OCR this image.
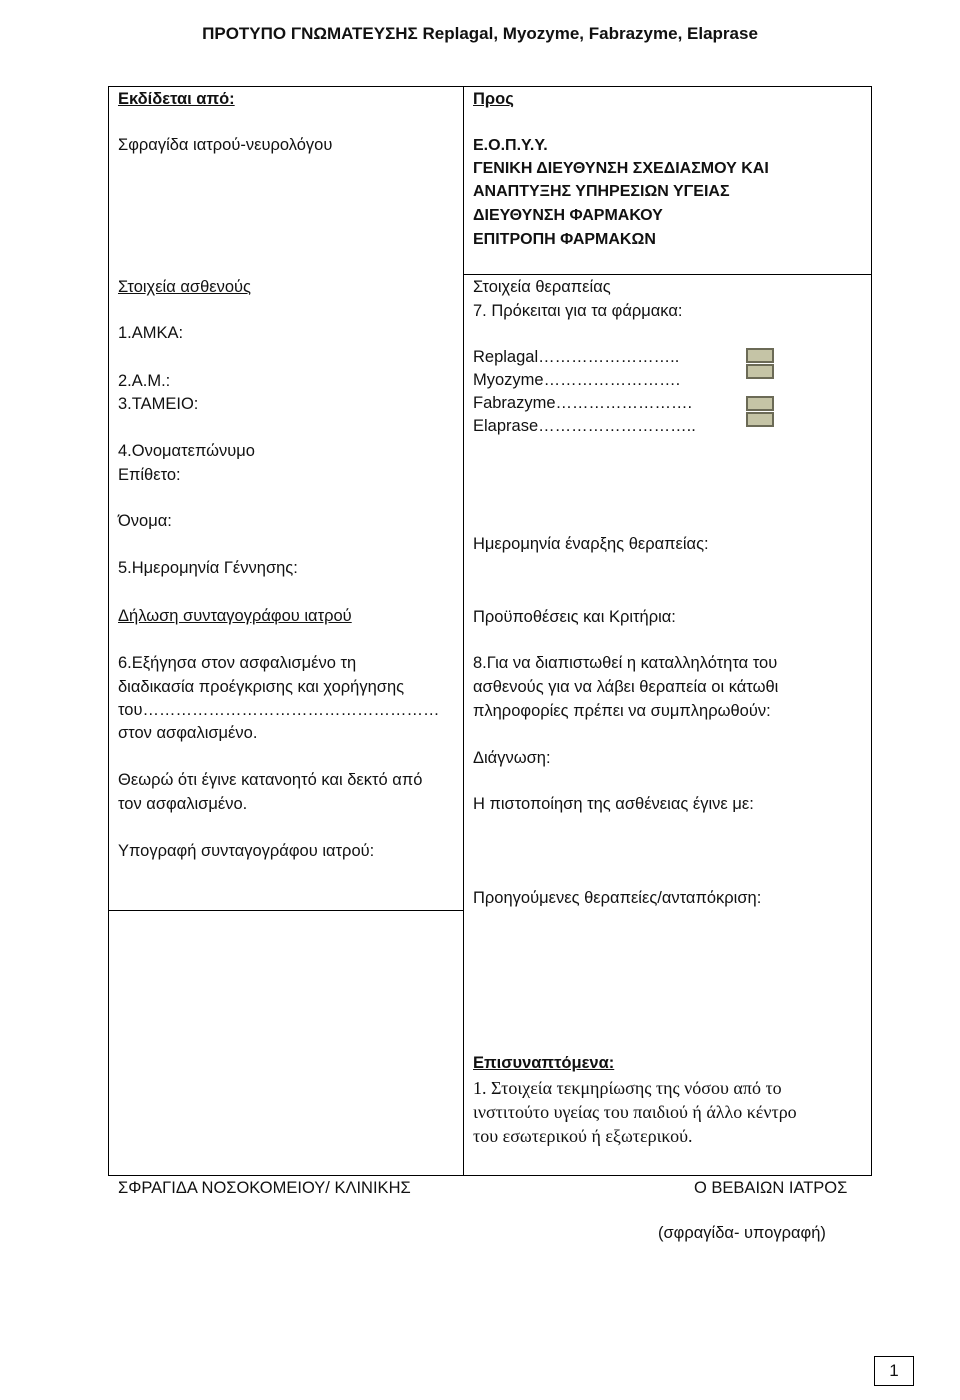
ΠΡΟΤΥΠΟ ΓΝΩΜΑΤΕΥΣΗΣ Replagal, Myozyme, Fabrazyme, Elaprase
Εκδίδεται από:
Σφραγίδα ιατρού-νευρολόγου
Στοιχεία ασθενούς
1.ΑΜΚΑ:
2.Α.Μ.:
3.ΤΑΜΕΙΟ:
4.Ονοματεπώνυμο
Επίθετο:
Όνομα:
5.Ημερομηνία Γέννησης:
Δήλωση συνταγογράφου ιατρού
6.Εξήγησα στον ασφαλισμένο τη
διαδικασία προέγκρισης και χορήγησης
του………………………………………………
στον ασφαλισμένο.
Θεωρώ ότι έγινε κατανοητό και δεκτό από
τον ασφαλισμένο.
Υπογραφή συνταγογράφου ιατρού:
Προς
Ε.Ο.Π.Υ.Υ.
ΓΕΝΙΚΗ ΔΙΕΥΘΥΝΣΗ ΣΧΕΔΙΑΣΜΟΥ ΚΑΙ
ΑΝΑΠΤΥΞΗΣ ΥΠΗΡΕΣΙΩΝ ΥΓΕΙΑΣ
ΔΙΕΥΘΥΝΣΗ ΦΑΡΜΑΚΟΥ
ΕΠΙΤΡΟΠΗ ΦΑΡΜΑΚΩΝ
Στοιχεία θεραπείας
7. Πρόκειται για τα φάρμακα:
Replagal……………………..
Myozyme…………………….
Fabrazyme…………………….
Elaprase………………………..
Ημερομηνία έναρξης θεραπείας:
Προϋποθέσεις και Κριτήρια:
8.Για να διαπιστωθεί η καταλληλότητα του
ασθενούς για να λάβει θεραπεία οι κάτωθι
πληροφορίες πρέπει να συμπληρωθούν:
Διάγνωση:
Η πιστοποίηση της ασθένειας έγινε με:
Προηγούμενες θεραπείες/ανταπόκριση:
Επισυναπτόμενα:
1. Στοιχεία τεκμηρίωσης της νόσου από το
ινστιτούτο υγείας του παιδιού ή άλλο κέντρο
του εσωτερικού ή εξωτερικού.
ΣΦΡΑΓΙΔΑ ΝΟΣΟΚΟΜΕΙΟΥ/ ΚΛΙΝΙΚΗΣ	Ο ΒΕΒΑΙΩΝ ΙΑΤΡΟΣ
(σφραγίδα- υπογραφή)
1
